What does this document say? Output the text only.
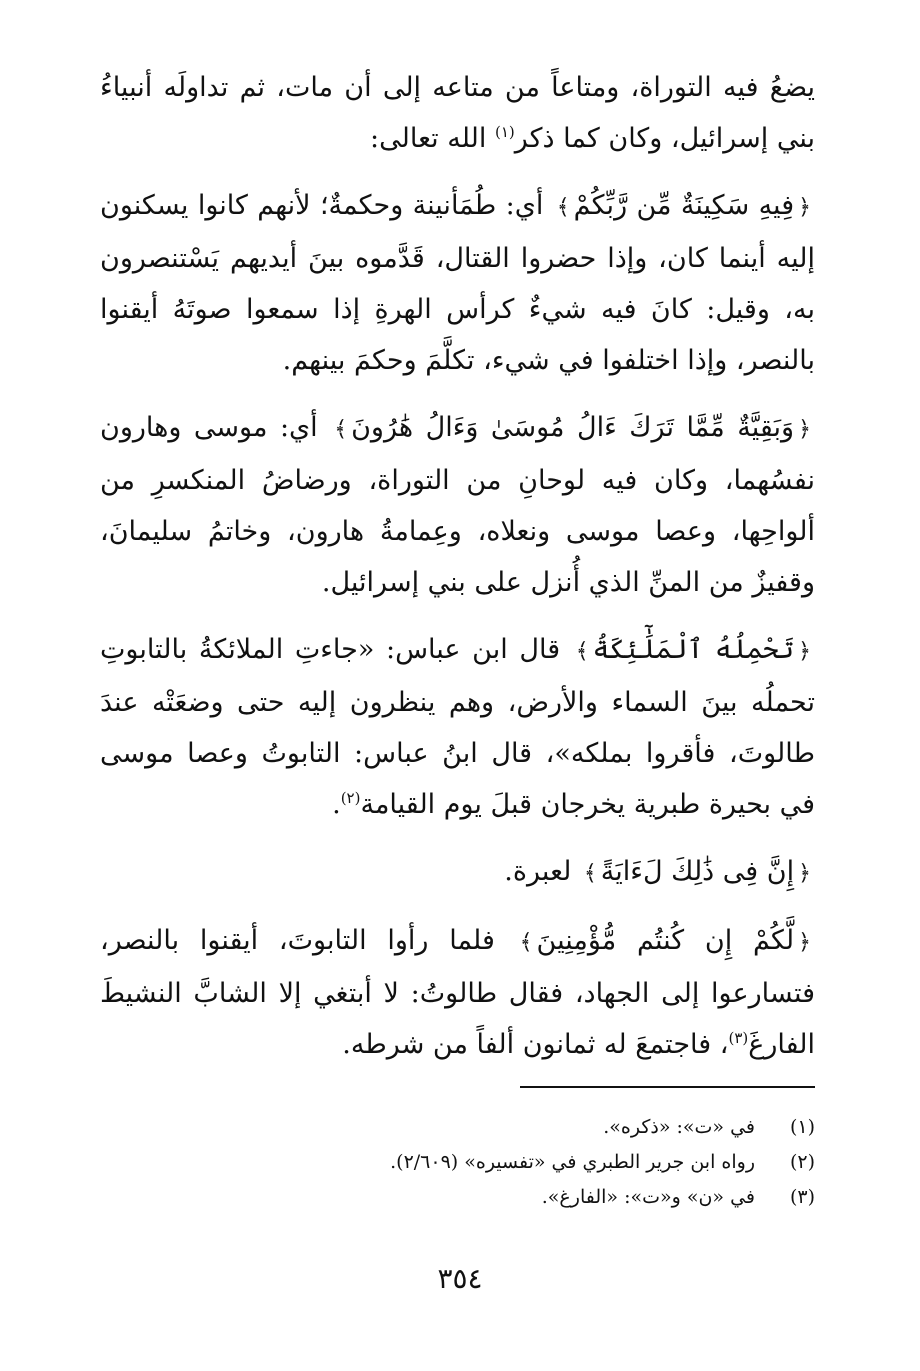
يضعُ فيه التوراة، ومتاعاً من متاعه إلى أن مات، ثم تداولَه أنبياءُ بني إسرائيل، وكان كما ذكر$^{(١)}$ الله تعالى:

﴿فِيهِ سَكِينَةٌ مِّن رَّبِّكُمْ﴾ أي: طُمَأنينة وحكمةٌ؛ لأنهم كانوا يسكنون إليه أينما كان، وإذا حضروا القتال، قَدَّموه بينَ أيديهم يَسْتنصرون به، وقيل: كانَ فيه شيءٌ كرأس الهرةِ إذا سمعوا صوتَهُ أيقنوا بالنصر، وإذا اختلفوا في شيء، تكلَّمَ وحكمَ بينهم.

﴿وَبَقِيَّةٌ مِّمَّا تَرَكَ ءَالُ مُوسَىٰ وَءَالُ هَٰرُونَ﴾ أي: موسى وهارون نفسُهما، وكان فيه لوحانِ من التوراة، ورضاضُ المنكسرِ من ألواحِها، وعصا موسى ونعلاه، وعِمامةُ هارون، وخاتمُ سليمانَ، وقفيزٌ من المنِّ الذي أُنزل على بني إسرائيل.

﴿تَحْمِلُهُ ٱلْمَلَٰٓئِكَةُ﴾ قال ابن عباس: «جاءتِ الملائكةُ بالتابوتِ تحملُه بينَ السماء والأرض، وهم ينظرون إليه حتى وضعَتْه عندَ طالوتَ، فأقروا بملكه»، قال ابنُ عباس: التابوتُ وعصا موسى في بحيرة طبرية يخرجان قبلَ يوم القيامة$^{(٢)}$.

﴿إِنَّ فِى ذَٰلِكَ لَءَايَةً﴾ لعبرة.

﴿لَّكُمْ إِن كُنتُم مُّؤْمِنِينَ﴾ فلما رأوا التابوتَ، أيقنوا بالنصر، فتسارعوا إلى الجهاد، فقال طالوتُ: لا أبتغي إلا الشابَّ النشيطَ الفارغَ$^{(٣)}$، فاجتمعَ له ثمانون ألفاً من شرطه.

(١)
في «ت»: «ذكره».
(٢)
رواه ابن جرير الطبري في «تفسيره» (٢/٦٠٩).
(٣)
في «ن» و«ت»: «الفارغ».
٣٥٤
